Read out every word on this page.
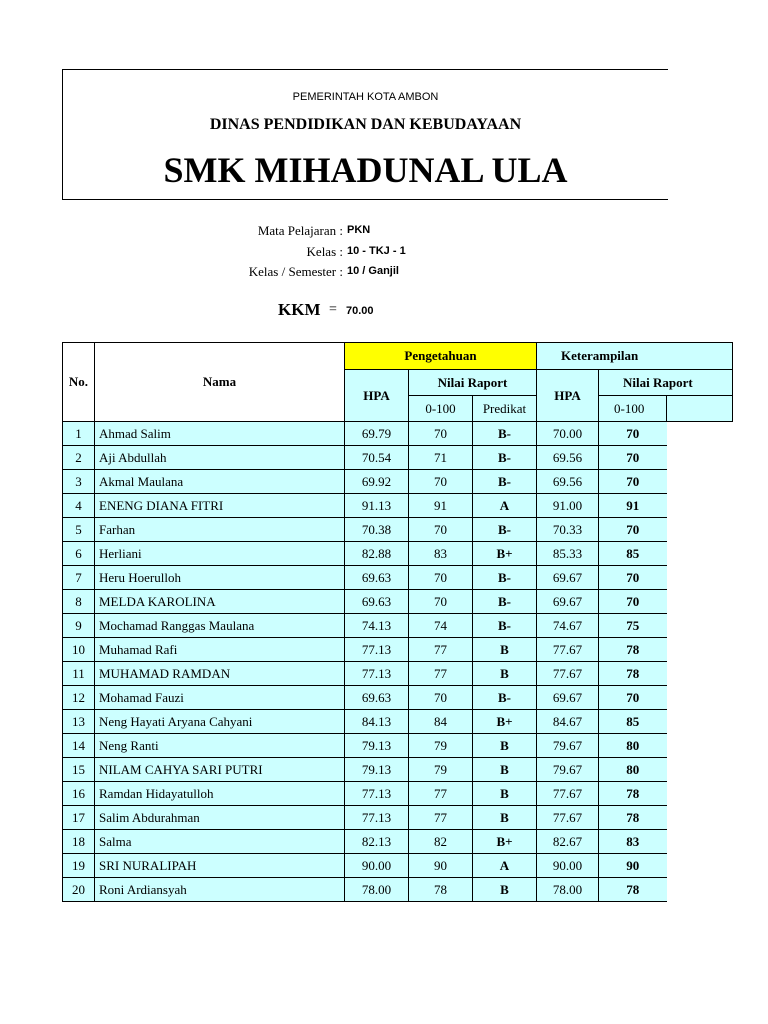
PEMERINTAH KOTA AMBON
DINAS PENDIDIKAN DAN KEBUDAYAAN
SMK MIHADUNAL ULA
Mata Pelajaran : PKN
Kelas : 10 - TKJ - 1
Kelas / Semester : 10 / Ganjil
KKM = 70.00
No.	Nama	Pengetahuan			Keterampilan		
		HPA	Nilai Raport		HPA	Nilai Raport	
			0-100	Predikat		0-100	
1	Ahmad Salim	69.79	70	B-	70.00	70	
2	Aji Abdullah	70.54	71	B-	69.56	70	
3	Akmal Maulana	69.92	70	B-	69.56	70	
4	ENENG DIANA FITRI	91.13	91	A	91.00	91	
5	Farhan	70.38	70	B-	70.33	70	
6	Herliani	82.88	83	B+	85.33	85	
7	Heru Hoerulloh	69.63	70	B-	69.67	70	
8	MELDA KAROLINA	69.63	70	B-	69.67	70	
9	Mochamad Ranggas Maulana	74.13	74	B-	74.67	75	
10	Muhamad Rafi	77.13	77	B	77.67	78	
11	MUHAMAD RAMDAN	77.13	77	B	77.67	78	
12	Mohamad Fauzi	69.63	70	B-	69.67	70	
13	Neng Hayati Aryana Cahyani	84.13	84	B+	84.67	85	
14	Neng Ranti	79.13	79	B	79.67	80	
15	NILAM CAHYA SARI PUTRI	79.13	79	B	79.67	80	
16	Ramdan Hidayatulloh	77.13	77	B	77.67	78	
17	Salim Abdurahman	77.13	77	B	77.67	78	
18	Salma	82.13	82	B+	82.67	83	
19	SRI NURALIPAH	90.00	90	A	90.00	90	
20	Roni Ardiansyah	78.00	78	B	78.00	78	
